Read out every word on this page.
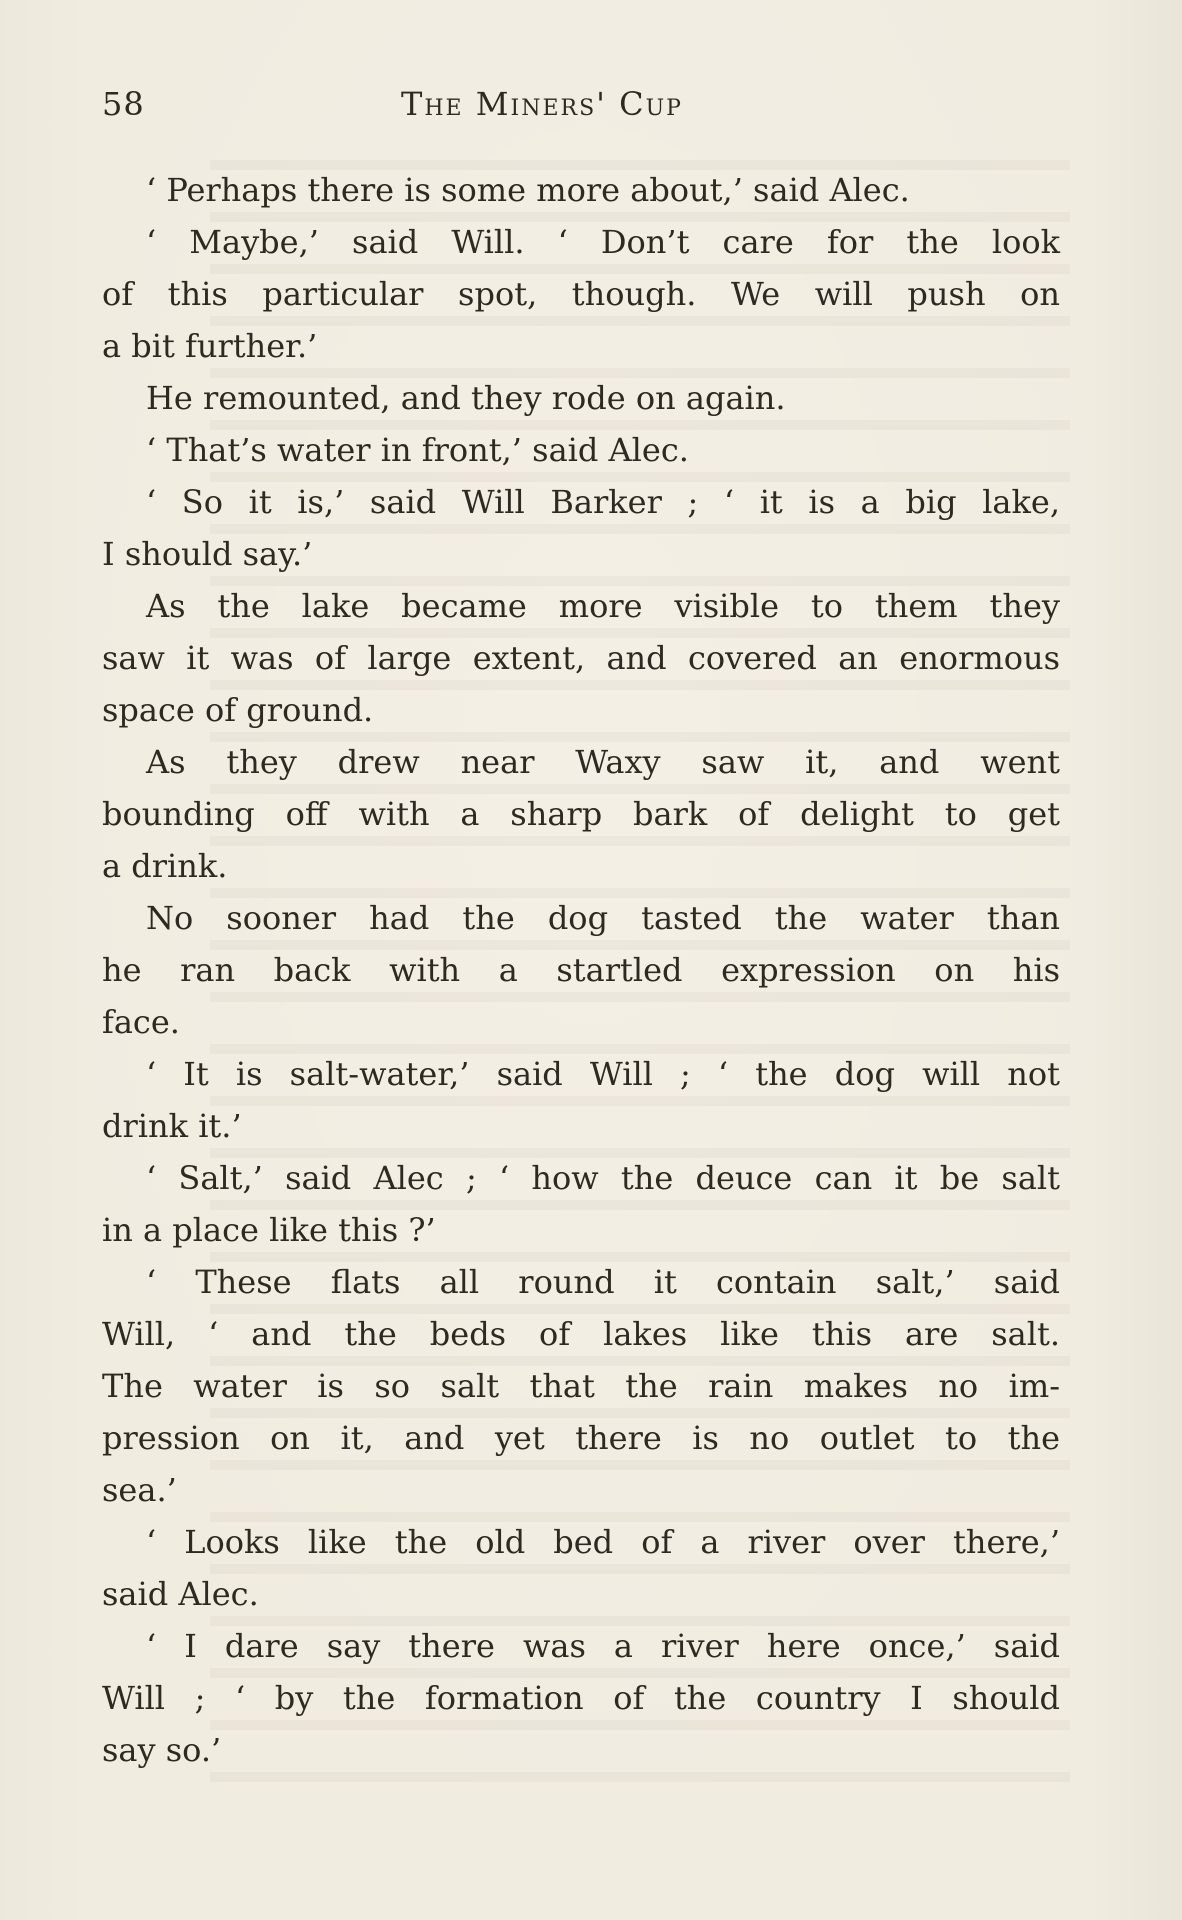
58	The Miners' Cup
‘ Perhaps there is some more about,’ said Alec.
‘ Maybe,’ said Will. ‘ Don’t care for the look
of this particular spot, though. We will push on
a bit further.’
He remounted, and they rode on again.
‘ That’s water in front,’ said Alec.
‘ So it is,’ said Will Barker ; ‘ it is a big lake,
I should say.’
As the lake became more visible to them they
saw it was of large extent, and covered an enormous
space of ground.
As they drew near Waxy saw it, and went
bounding off with a sharp bark of delight to get
a drink.
No sooner had the dog tasted the water than
he ran back with a startled expression on his
face.
‘ It is salt-water,’ said Will ; ‘ the dog will not
drink it.’
‘ Salt,’ said Alec ; ‘ how the deuce can it be salt
in a place like this ?’
‘ These flats all round it contain salt,’ said
Will, ‘ and the beds of lakes like this are salt.
The water is so salt that the rain makes no im-
pression on it, and yet there is no outlet to the
sea.’
‘ Looks like the old bed of a river over there,’
said Alec.
‘ I dare say there was a river here once,’ said
Will ; ‘ by the formation of the country I should
say so.’
